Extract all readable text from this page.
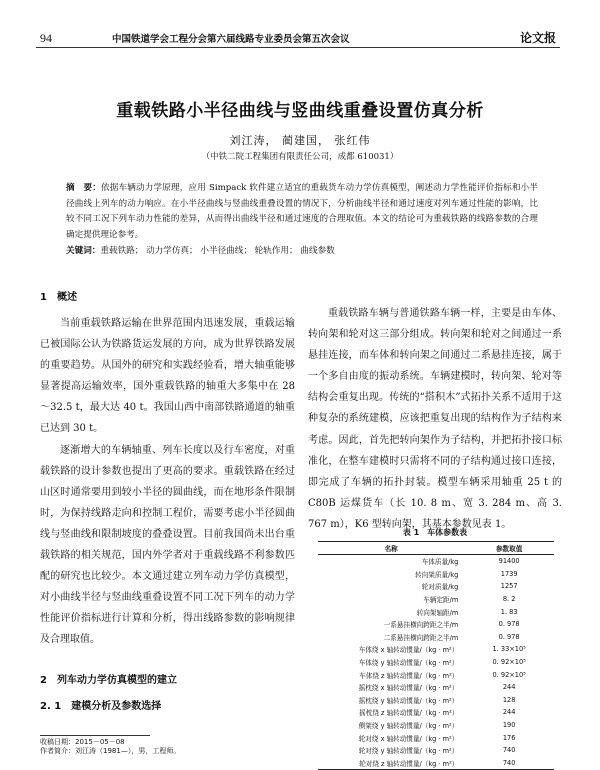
94	中国铁道学会工程分会第六届线路专业委员会第五次会议	论文报
重载铁路小半径曲线与竖曲线重叠设置仿真分析
刘江涛， 蔺建国， 张红伟
（中铁二院工程集团有限责任公司，成都 610031）
摘　要：依据车辆动力学原理，应用 Simpack 软件建立适宜的重载货车动力学仿真模型，阐述动力学性能评价指标和小半径曲线上列车的动力响应。在小半径曲线与竖曲线重叠设置的情况下，分析曲线半径和通过速度对列车通过性能的影响，比较不同工况下列车动力性能的差异，从而得出曲线半径和通过速度的合理取值。本文的结论可为重载铁路的线路参数的合理确定提供理论参考。
关键词：重载铁路； 动力学仿真； 小半径曲线； 轮轨作用； 曲线参数
1　概述

当前重载铁路运输在世界范围内迅速发展，重载运输已被国际公认为铁路货运发展的方向，成为世界铁路发展的重要趋势。从国外的研究和实践经验看，增大轴重能够显著提高运输效率，国外重载铁路的轴重大多集中在 28～32.5 t，最大达 40 t。我国山西中南部铁路通道的轴重已达到 30 t。

逐渐增大的车辆轴重、列车长度以及行车密度，对重载铁路的设计参数也提出了更高的要求。重载铁路在经过山区时通常要用到较小半径的圆曲线，而在地形条件限制时，为保持线路走向和控制工程价，需要考虑小半径圆曲线与竖曲线和限制坡度的叠叠设置。目前我国尚未出台重载铁路的相关规范，国内外学者对于重载线路不利参数匹配的研究也比较少。本文通过建立列车动力学仿真模型，对小曲线半径与竖曲线重叠设置不同工况下列车的动力学性能评价指标进行计算和分析，得出线路参数的影响规律及合理取值。

2　列车动力学仿真模型的建立
2. 1　建模分析及参数选择

重载铁路车辆与普通铁路车辆一样，主要是由车体、转向架和轮对这三部分组成。转向架和轮对之间通过一系悬挂连接，而车体和转向架之间通过二系悬挂连接，属于一个多自由度的振动系统。车辆建模时，转向架、轮对等结构会重复出现。传统的“搭积木”式拓扑关系不适用于这种复杂的系统建模，应该把重复出现的结构作为子结构来考虑。因此，首先把转向架作为子结构，并把拓扑接口标准化，在整车建模时只需将不同的子结构通过接口连接，即完成了车辆的拓扑封装。模型车辆采用轴重 25 t 的 C80B 运煤货车（长 10. 8 m、宽 3. 284 m、高 3. 767 m），K6 型转向架，其基本参数见表 1。

表 1　车体参数表
名称	参数取值
车体质量/kg	91400
转向架质量/kg	1739
轮对质量/kg	1257
车辆定距/m	8. 2
转向架轴距/m	1. 83
一系悬挂横向跨距之半/m	0. 978
二系悬挂横向跨距之半/m	0. 978
车体绕 x 轴转动惯量/（kg · m²）	1. 33×10⁵
车体绕 y 轴转动惯量/（kg · m²）	0. 92×10⁵
车体绕 z 轴转动惯量/（kg · m²）	0. 92×10⁵
摇枕绕 x 轴转动惯量/（kg · m²）	244
摇枕绕 y 轴转动惯量/（kg · m²）	128
摇枕绕 z 轴转动惯量/（kg · m²）	244
侧架绕 y 轴转动惯量/（kg · m²）	190
轮对绕 x 轴转动惯量/（kg · m²）	176
轮对绕 y 轴转动惯量/（kg · m²）	740
轮对绕 z 轴转动惯量/（kg · m²）	740
收稿日期：2015－05－08
作者简介：刘江涛（1981—），男，工程师。
